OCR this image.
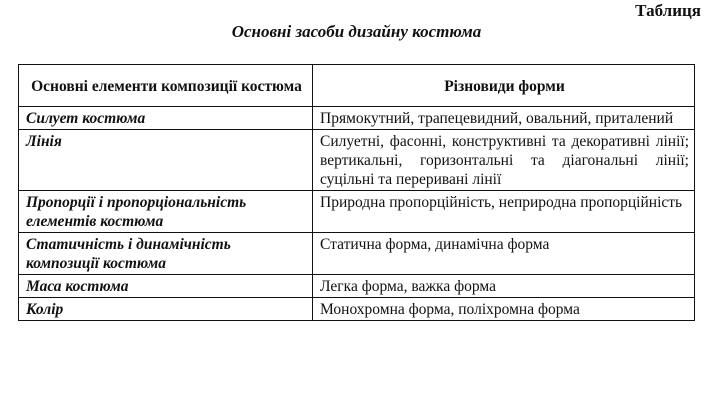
Таблиця
Основні засоби дизайну костюма
Основні елементи композиції костюма	Різновиди форми
Силует костюма	Прямокутний, трапецевидний, овальний, приталений
Лінія	Силуетні, фасонні, конструктивні та декоративні лінії; вертикальні, горизонтальні та діагональні лінії; суцільні та переривані лінії
Пропорції і пропорціональність елементів костюма	Природна пропорційність, неприродна пропорційність
Статичність і динамічність композиції костюма	Статична форма, динамічна форма
Маса костюма	Легка форма, важка форма
Колір	Монохромна форма, поліхромна форма
